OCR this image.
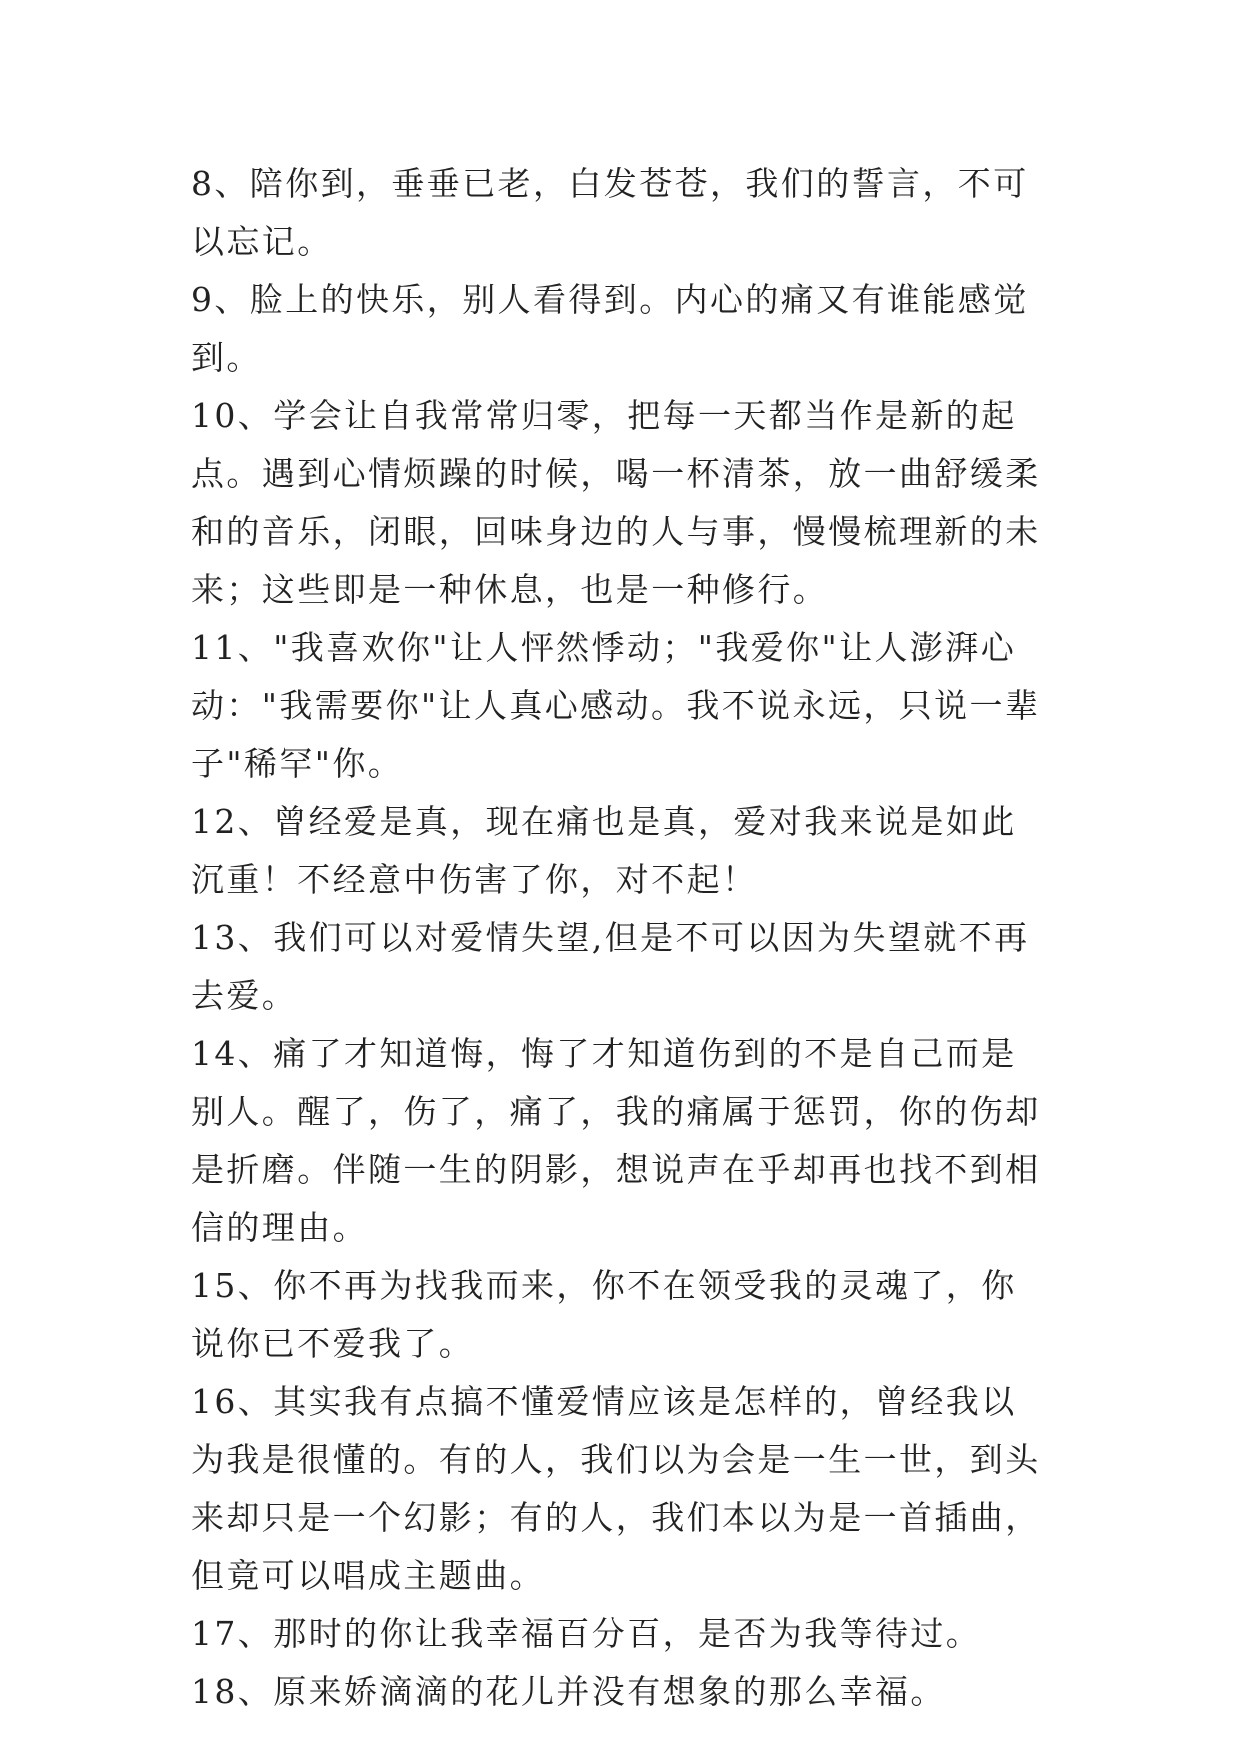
8、陪你到，垂垂已老，白发苍苍，我们的誓言，不可以忘记。

9、脸上的快乐，别人看得到。内心的痛又有谁能感觉到。

10、学会让自我常常归零，把每一天都当作是新的起点。遇到心情烦躁的时候，喝一杯清茶，放一曲舒缓柔和的音乐，闭眼，回味身边的人与事，慢慢梳理新的未来；这些即是一种休息，也是一种修行。

11、"我喜欢你"让人怦然悸动；"我爱你"让人澎湃心动："我需要你"让人真心感动。我不说永远，只说一辈子"稀罕"你。

12、曾经爱是真，现在痛也是真，爱对我来说是如此沉重！不经意中伤害了你，对不起！

13、我们可以对爱情失望,但是不可以因为失望就不再去爱。

14、痛了才知道悔，悔了才知道伤到的不是自己而是别人。醒了，伤了，痛了，我的痛属于惩罚，你的伤却是折磨。伴随一生的阴影，想说声在乎却再也找不到相信的理由。

15、你不再为找我而来，你不在领受我的灵魂了，你说你已不爱我了。

16、其实我有点搞不懂爱情应该是怎样的，曾经我以为我是很懂的。有的人，我们以为会是一生一世，到头来却只是一个幻影；有的人，我们本以为是一首插曲，但竟可以唱成主题曲。

17、那时的你让我幸福百分百，是否为我等待过。

18、原来娇滴滴的花儿并没有想象的那么幸福。
